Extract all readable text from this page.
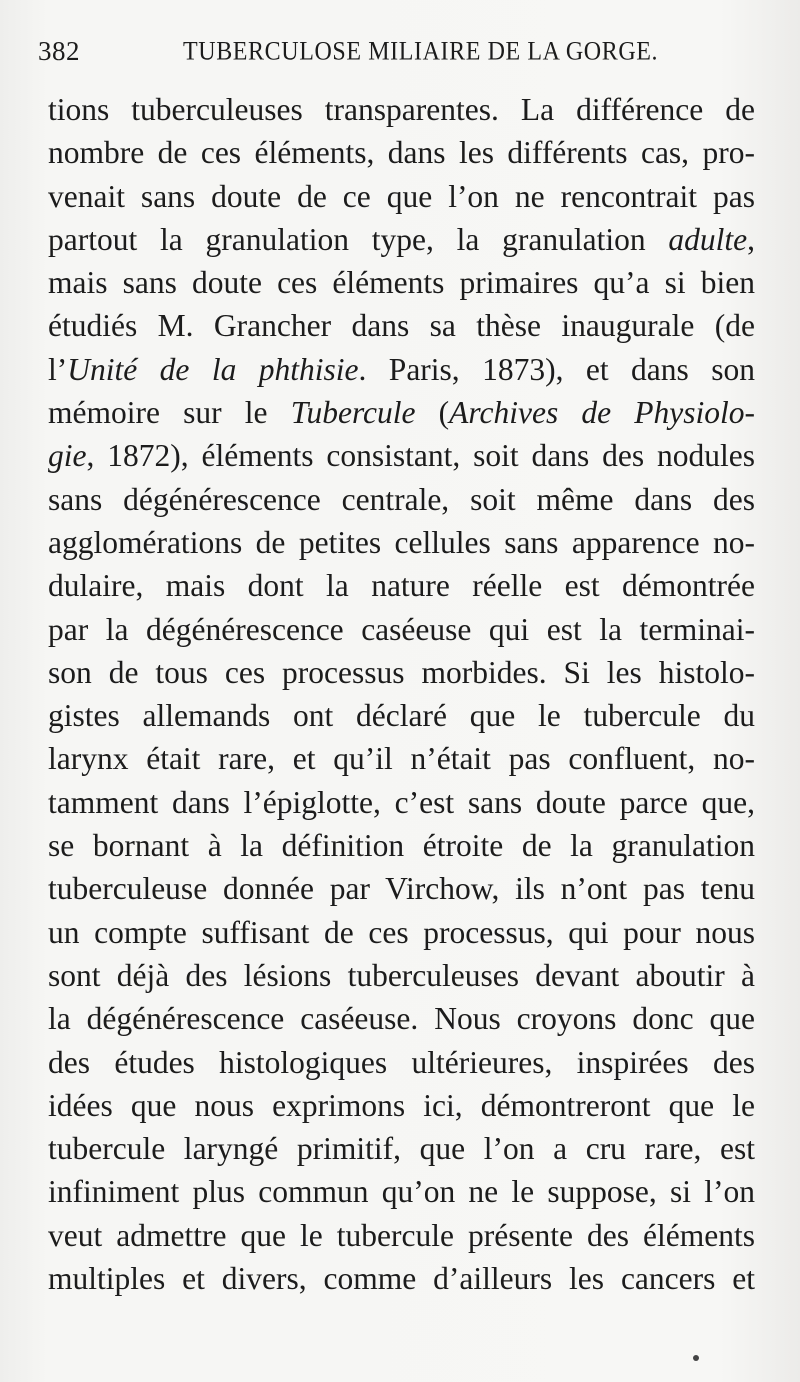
382	TUBERCULOSE MILIAIRE DE LA GORGE.
tions tuberculeuses transparentes. La différence de
nombre de ces éléments, dans les différents cas, pro-
venait sans doute de ce que l’on ne rencontrait pas
partout la granulation type, la granulation adulte,
mais sans doute ces éléments primaires qu’a si bien
étudiés M. Grancher dans sa thèse inaugurale (de
l’Unité de la phthisie. Paris, 1873), et dans son
mémoire sur le Tubercule (Archives de Physiolo-
gie, 1872), éléments consistant, soit dans des nodules
sans dégénérescence centrale, soit même dans des
agglomérations de petites cellules sans apparence no-
dulaire, mais dont la nature réelle est démontrée
par la dégénérescence caséeuse qui est la terminai-
son de tous ces processus morbides. Si les histolo-
gistes allemands ont déclaré que le tubercule du
larynx était rare, et qu’il n’était pas confluent, no-
tamment dans l’épiglotte, c’est sans doute parce que,
se bornant à la définition étroite de la granulation
tuberculeuse donnée par Virchow, ils n’ont pas tenu
un compte suffisant de ces processus, qui pour nous
sont déjà des lésions tuberculeuses devant aboutir à
la dégénérescence caséeuse. Nous croyons donc que
des études histologiques ultérieures, inspirées des
idées que nous exprimons ici, démontreront que le
tubercule laryngé primitif, que l’on a cru rare, est
infiniment plus commun qu’on ne le suppose, si l’on
veut admettre que le tubercule présente des éléments
multiples et divers, comme d’ailleurs les cancers et
